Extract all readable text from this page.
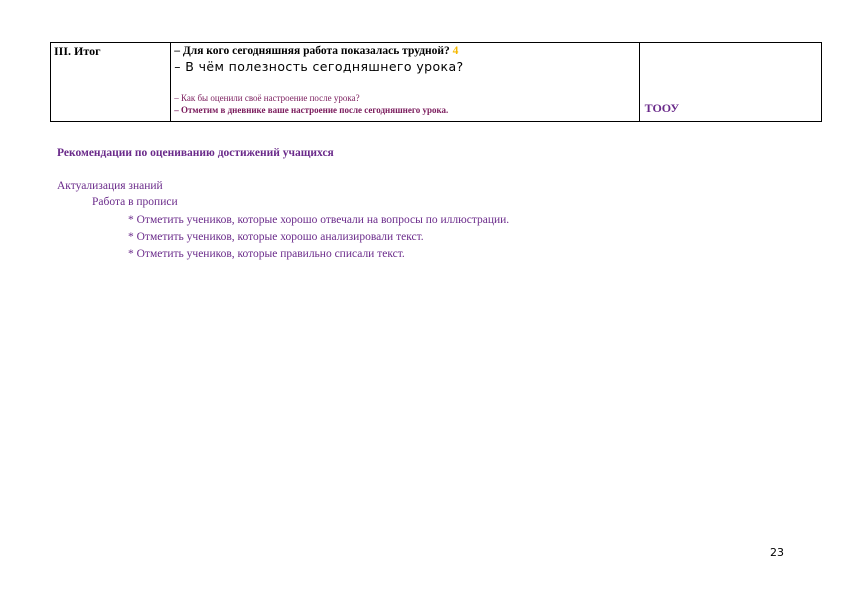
III. Итог	– Для кого сегодняшняя работа показалась трудной? 4
– В чём полезность сегодняшнего урока?
– Как бы оценили своё настроение после урока?
– Отметим в дневнике ваше настроение после сегодняшнего урока.	ТООУ
Рекомендации по оцениванию достижений учащихся
Актуализация знаний
Работа в прописи
* Отметить учеников, которые хорошо отвечали на вопросы по иллюстрации.
* Отметить учеников, которые хорошо анализировали текст.
* Отметить учеников, которые правильно списали текст.
23
